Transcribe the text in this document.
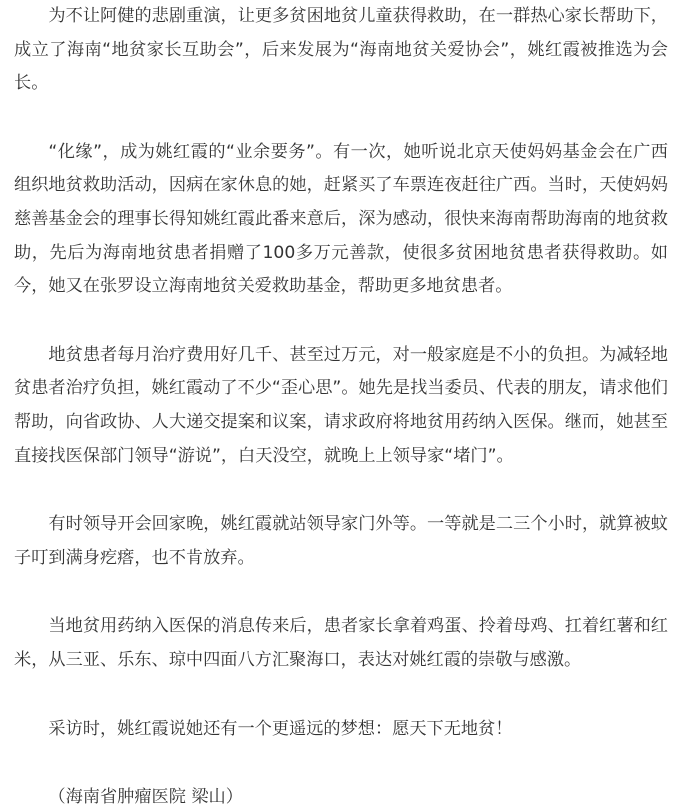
为不让阿健的悲剧重演，让更多贫困地贫儿童获得救助，在一群热心家长帮助下，成立了海南“地贫家长互助会”，后来发展为“海南地贫关爱协会”，姚红霞被推选为会长。

“化缘”，成为姚红霞的“业余要务”。有一次，她听说北京天使妈妈基金会在广西组织地贫救助活动，因病在家休息的她，赶紧买了车票连夜赶往广西。当时，天使妈妈慈善基金会的理事长得知姚红霞此番来意后，深为感动，很快来海南帮助海南的地贫救助，先后为海南地贫患者捐赠了100多万元善款，使很多贫困地贫患者获得救助。如今，她又在张罗设立海南地贫关爱救助基金，帮助更多地贫患者。

地贫患者每月治疗费用好几千、甚至过万元，对一般家庭是不小的负担。为减轻地贫患者治疗负担，姚红霞动了不少“歪心思”。她先是找当委员、代表的朋友，请求他们帮助，向省政协、人大递交提案和议案，请求政府将地贫用药纳入医保。继而，她甚至直接找医保部门领导“游说”，白天没空，就晚上上领导家“堵门”。

有时领导开会回家晚，姚红霞就站领导家门外等。一等就是二三个小时，就算被蚊子叮到满身疙瘩，也不肯放弃。

当地贫用药纳入医保的消息传来后，患者家长拿着鸡蛋、拎着母鸡、扛着红薯和红米，从三亚、乐东、琼中四面八方汇聚海口，表达对姚红霞的崇敬与感激。

采访时，姚红霞说她还有一个更遥远的梦想：愿天下无地贫！

（海南省肿瘤医院 梁山）
